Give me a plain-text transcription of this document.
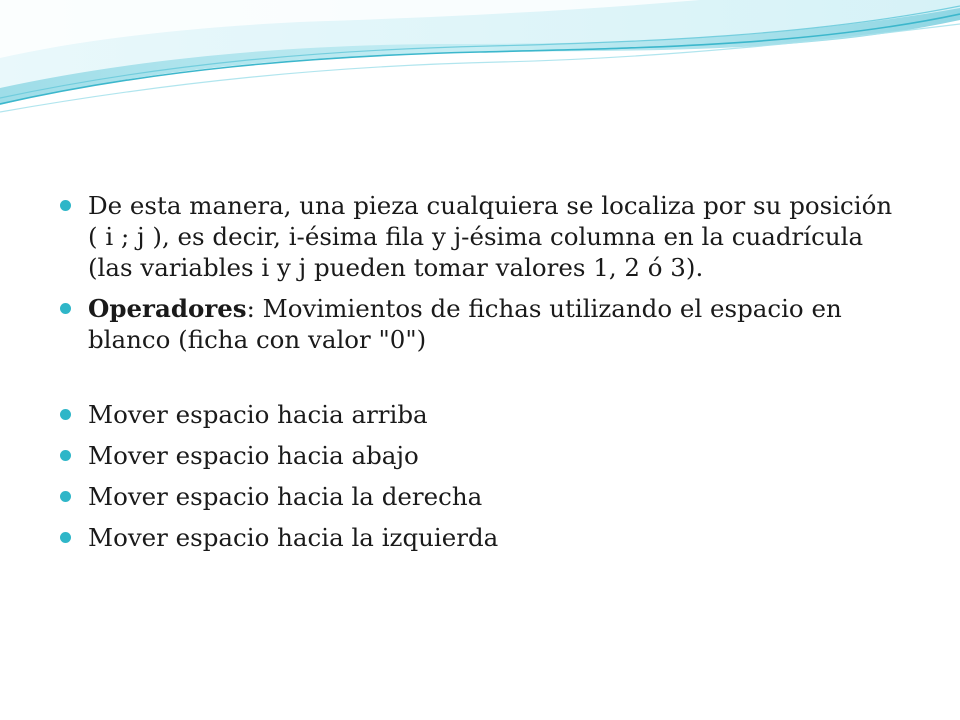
De esta manera, una pieza cualquiera se localiza por su posición ( i ; j ), es decir, i-ésima fila y j-ésima columna en la cuadrícula (las variables i y j pueden tomar valores 1, 2 ó 3).

Operadores: Movimientos de fichas utilizando el espacio en blanco (ficha con valor "0")

Mover espacio hacia arriba

Mover espacio hacia abajo

Mover espacio hacia la derecha

Mover espacio hacia la izquierda
